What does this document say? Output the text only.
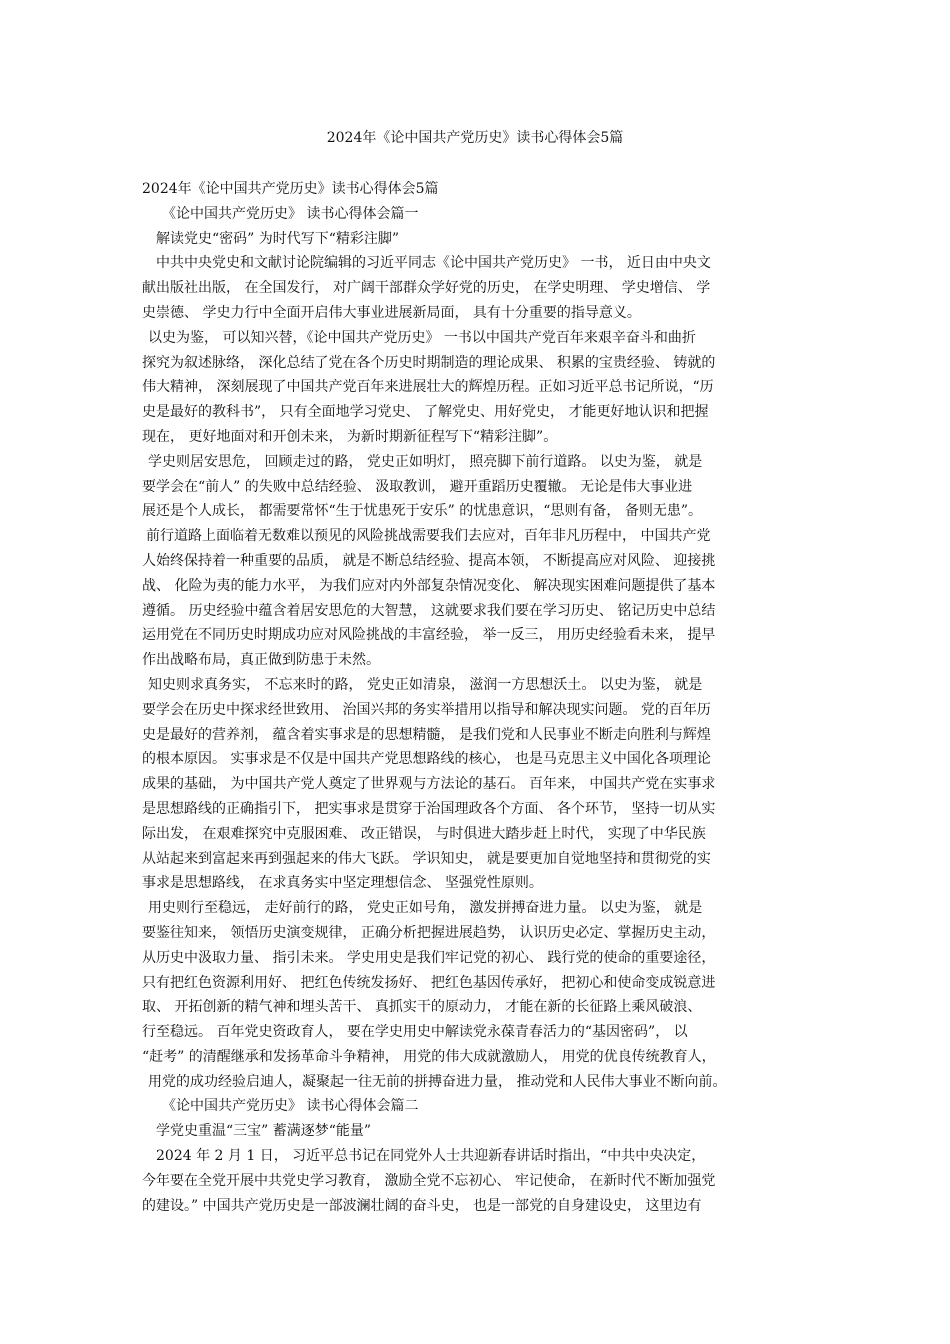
2024年《论中国共产党历史》读书心得体会5篇
2024年《论中国共产党历史》读书心得体会5篇
《论中国共产党历史》 读书心得体会篇一
解读党史“密码” 为时代写下“精彩注脚”
中共中央党史和文献讨论院编辑的习近平同志《论中国共产党历史》 一书， 近日由中央文
献出版社出版， 在全国发行， 对广阔干部群众学好党的历史， 在学史明理、 学史增信、 学
史崇德、 学史力行中全面开启伟大事业进展新局面， 具有十分重要的指导意义。
以史为鉴， 可以知兴替，《论中国共产党历史》 一书以中国共产党百年来艰辛奋斗和曲折
探究为叙述脉络， 深化总结了党在各个历史时期制造的理论成果、 积累的宝贵经验、 铸就的
伟大精神， 深刻展现了中国共产党百年来进展壮大的辉煌历程。正如习近平总书记所说，“历
史是最好的教科书”， 只有全面地学习党史、 了解党史、用好党史， 才能更好地认识和把握
现在， 更好地面对和开创未来， 为新时期新征程写下“精彩注脚”。
学史则居安思危， 回顾走过的路， 党史正如明灯， 照亮脚下前行道路。 以史为鉴， 就是
要学会在“前人” 的失败中总结经验、 汲取教训， 避开重蹈历史覆辙。 无论是伟大事业进
展还是个人成长， 都需要常怀“生于忧患死于安乐” 的忧患意识，“思则有备， 备则无患”。
前行道路上面临着无数难以预见的风险挑战需要我们去应对，百年非凡历程中， 中国共产党
人始终保持着一种重要的品质， 就是不断总结经验、提高本领， 不断提高应对风险、 迎接挑
战、 化险为夷的能力水平， 为我们应对内外部复杂情况变化、 解决现实困难问题提供了基本
遵循。 历史经验中蕴含着居安思危的大智慧， 这就要求我们要在学习历史、 铭记历史中总结
运用党在不同历史时期成功应对风险挑战的丰富经验， 举一反三， 用历史经验看未来， 提早
作出战略布局，真正做到防患于未然。
知史则求真务实， 不忘来时的路， 党史正如清泉， 滋润一方思想沃土。 以史为鉴， 就是
要学会在历史中探求经世致用、 治国兴邦的务实举措用以指导和解决现实问题。 党的百年历
史是最好的营养剂， 蕴含着实事求是的思想精髓， 是我们党和人民事业不断走向胜利与辉煌
的根本原因。 实事求是不仅是中国共产党思想路线的核心， 也是马克思主义中国化各项理论
成果的基础， 为中国共产党人奠定了世界观与方法论的基石。 百年来， 中国共产党在实事求
是思想路线的正确指引下， 把实事求是贯穿于治国理政各个方面、 各个环节， 坚持一切从实
际出发， 在艰难探究中克服困难、 改正错误， 与时俱进大踏步赶上时代， 实现了中华民族
从站起来到富起来再到强起来的伟大飞跃。 学识知史， 就是要更加自觉地坚持和贯彻党的实
事求是思想路线， 在求真务实中坚定理想信念、 坚强党性原则。
用史则行至稳远， 走好前行的路， 党史正如号角， 激发拼搏奋进力量。 以史为鉴， 就是
要鉴往知来， 领悟历史演变规律， 正确分析把握进展趋势， 认识历史必定、掌握历史主动，
从历史中汲取力量、 指引未来。 学史用史是我们牢记党的初心、 践行党的使命的重要途径，
只有把红色资源利用好、 把红色传统发扬好、 把红色基因传承好， 把初心和使命变成锐意进
取、 开拓创新的精气神和埋头苦干、 真抓实干的原动力， 才能在新的长征路上乘风破浪、
行至稳远。 百年党史资政育人， 要在学史用史中解读党永葆青春活力的“基因密码”， 以
“赶考” 的清醒继承和发扬革命斗争精神， 用党的伟大成就激励人， 用党的优良传统教育人，
用党的成功经验启迪人，凝聚起一往无前的拼搏奋进力量， 推动党和人民伟大事业不断向前。
《论中国共产党历史》 读书心得体会篇二
学党史重温“三宝” 蓄满逐梦“能量”
2024 年 2 月 1 日， 习近平总书记在同党外人士共迎新春讲话时指出，“中共中央决定，
今年要在全党开展中共党史学习教育， 激励全党不忘初心、 牢记使命， 在新时代不断加强党
的建设。” 中国共产党历史是一部波澜壮阔的奋斗史， 也是一部党的自身建设史， 这里边有
